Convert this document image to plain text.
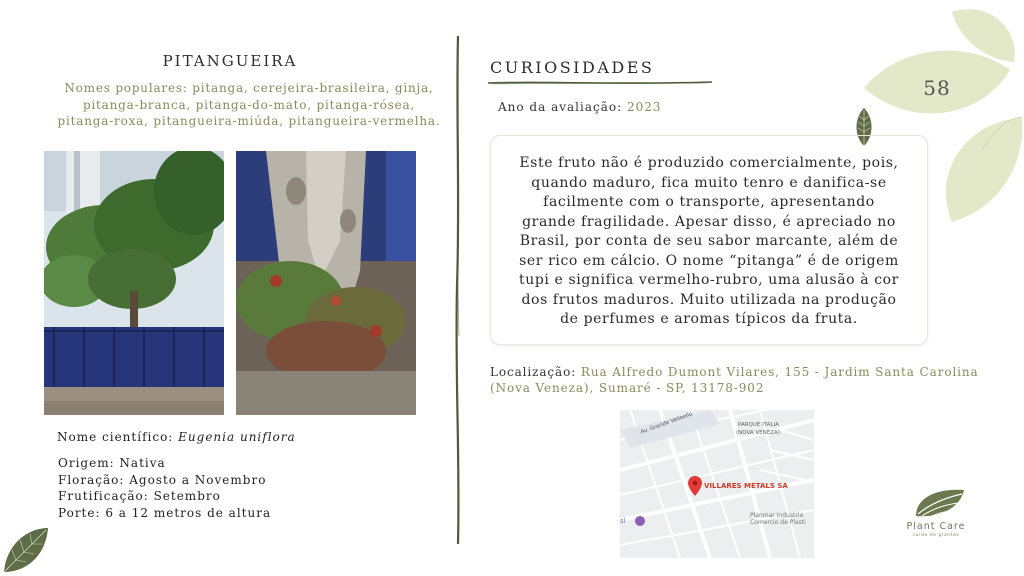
58
PITANGUEIRA
Nomes populares: pitanga, cerejeira-brasileira, ginja,
pitanga-branca, pitanga-do-mato, pitanga-rósea,
pitanga-roxa, pitangueira-miúda, pitangueira-vermelha.
Nome científico: Eugenia uniflora
Origem: Nativa
Floração: Agosto a Novembro
Frutificação: Setembro
Porte: 6 a 12 metros de altura
CURIOSIDADES
Ano da avaliação: 2023
Este fruto não é produzido comercialmente, pois,
quando maduro, fica muito tenro e danifica-se
facilmente com o transporte, apresentando
grande fragilidade. Apesar disso, é apreciado no
Brasil, por conta de seu sabor marcante, além de
ser rico em cálcio. O nome “pitanga” é de origem
tupi e significa vermelho-rubro, uma alusão à cor
dos frutos maduros. Muito utilizada na produção
de perfumes e aromas típicos da fruta.
Localização: Rua Alfredo Dumont Vilares, 155 - Jardim Santa Carolina
(Nova Veneza), Sumaré - SP, 13178-902
Av. Grande Velloello	PARQUE ITALIA
(NOVA VENEZA)
VILLARES METALS SA
Planmar Industria
Comercio de Plasti
si	Plant Care
cuida de plantas
